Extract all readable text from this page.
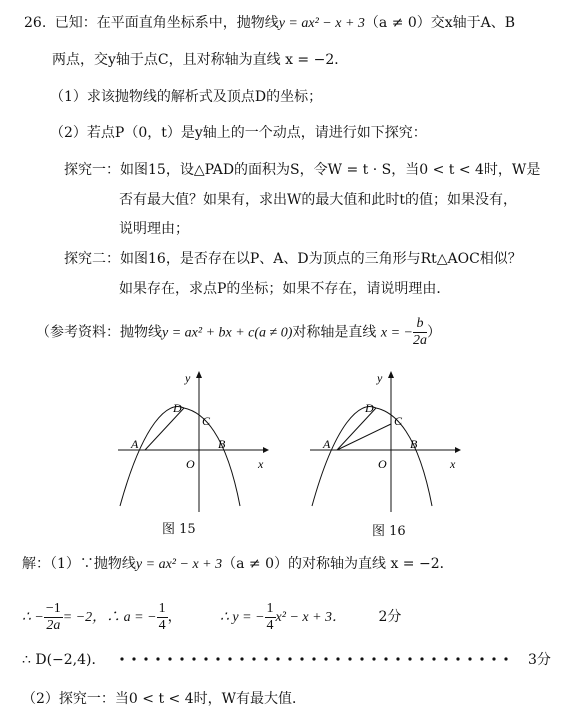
26. 已知：在平面直角坐标系中，抛物线y = ax² − x + 3（a ≠ 0）交x轴于A、B
两点，交y轴于点C，且对称轴为直线 x = −2．
（1）求该抛物线的解析式及顶点D的坐标；
（2）若点P（0，t）是y轴上的一个动点，请进行如下探究：
探究一：如图15，设△PAD的面积为S，令W = t · S，当0 < t < 4时，W是
否有最大值？如果有，求出W的最大值和此时t的值；如果没有，
说明理由；
探究二：如图16，是否存在以P、A、D为顶点的三角形与Rt△AOC相似？
如果存在，求点P的坐标；如果不存在，请说明理由．
（参考资料：抛物线y = ax² + bx + c(a ≠ 0)对称轴是直线 x = − $\frac{b}{2a}$ ）
y
x
D
C
A	B
O
图 15
y
x
D
C
A	B
O
图 16
解：（1）∵抛物线y = ax² − x + 3（a ≠ 0）的对称轴为直线 x = −2．
∴ − $\frac{-1}{2a} = -2$，∴ a = − $\frac{1}{4}$ ，	∴ y = − $\frac{1}{4} x^2 - x + 3$． 2分
∴ D(−2,4)．	3分
（2）探究一：当0 < t < 4时，W有最大值．
